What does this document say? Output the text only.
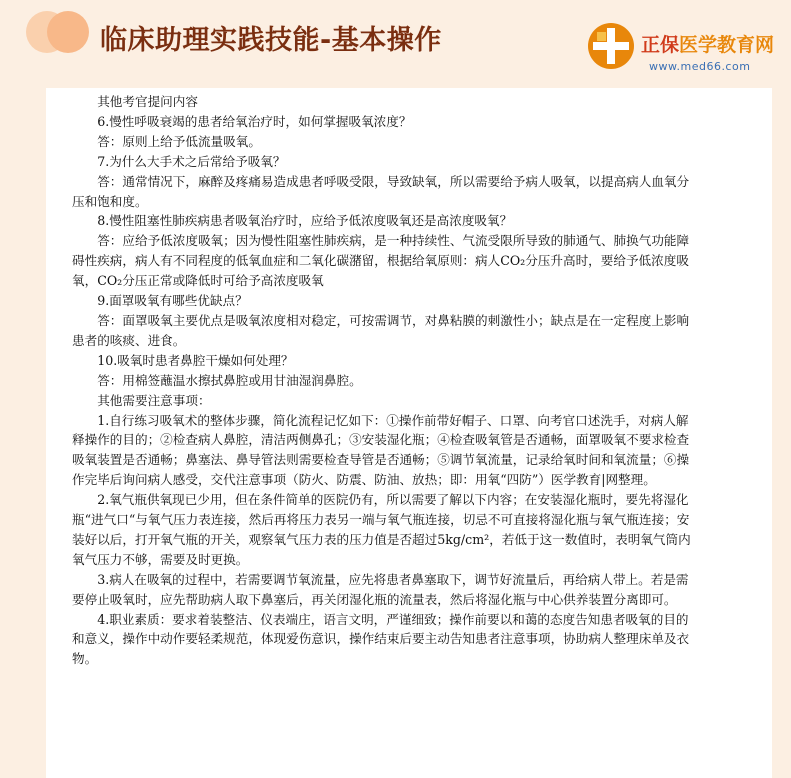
临床助理实践技能-基本操作	正保医学教育网
www.med66.com

其他考官提问内容

6.慢性呼吸衰竭的患者给氧治疗时，如何掌握吸氧浓度？

答：原则上给予低流量吸氧。

7.为什么大手术之后常给予吸氧？

答：通常情况下，麻醉及疼痛易造成患者呼吸受限，导致缺氧，所以需要给予病人吸氧，以提高病人血氧分压和饱和度。

8.慢性阻塞性肺疾病患者吸氧治疗时，应给予低浓度吸氧还是高浓度吸氧？

答：应给予低浓度吸氧；因为慢性阻塞性肺疾病，是一种持续性、气流受限所导致的肺通气、肺换气功能障碍性疾病，病人有不同程度的低氧血症和二氧化碳潴留，根据给氧原则：病人CO₂分压升高时，要给予低浓度吸氧，CO₂分压正常或降低时可给予高浓度吸氧

9.面罩吸氧有哪些优缺点？

答：面罩吸氧主要优点是吸氧浓度相对稳定，可按需调节，对鼻粘膜的刺激性小；缺点是在一定程度上影响患者的咳痰、进食。

10.吸氧时患者鼻腔干燥如何处理？

答：用棉签蘸温水擦拭鼻腔或用甘油湿润鼻腔。

其他需要注意事项：

1.自行练习吸氧术的整体步骤，简化流程记忆如下：①操作前带好帽子、口罩、向考官口述洗手，对病人解释操作的目的；②检查病人鼻腔，清洁两侧鼻孔；③安装湿化瓶；④检查吸氧管是否通畅，面罩吸氧不要求检查吸氧装置是否通畅；鼻塞法、鼻导管法则需要检查导管是否通畅；⑤调节氧流量，记录给氧时间和氧流量；⑥操作完毕后询问病人感受，交代注意事项（防火、防震、防油、放热；即：用氧“四防”）医学教育|网整理。

2.氧气瓶供氧现已少用，但在条件简单的医院仍有，所以需要了解以下内容；在安装湿化瓶时，要先将湿化瓶“进气口“与氧气压力表连接，然后再将压力表另一端与氧气瓶连接，切忌不可直接将湿化瓶与氧气瓶连接；安装好以后，打开氧气瓶的开关，观察氧气压力表的压力值是否超过5kg/cm²，若低于这一数值时，表明氧气筒内氧气压力不够，需要及时更换。

3.病人在吸氧的过程中，若需要调节氧流量，应先将患者鼻塞取下，调节好流量后，再给病人带上。若是需要停止吸氧时，应先帮助病人取下鼻塞后，再关闭湿化瓶的流量表，然后将湿化瓶与中心供养装置分离即可。

4.职业素质：要求着装整洁、仪表端庄，语言文明，严谨细致；操作前要以和蔼的态度告知患者吸氧的目的和意义，操作中动作要轻柔规范，体现爱伤意识，操作结束后要主动告知患者注意事项，协助病人整理床单及衣物。
